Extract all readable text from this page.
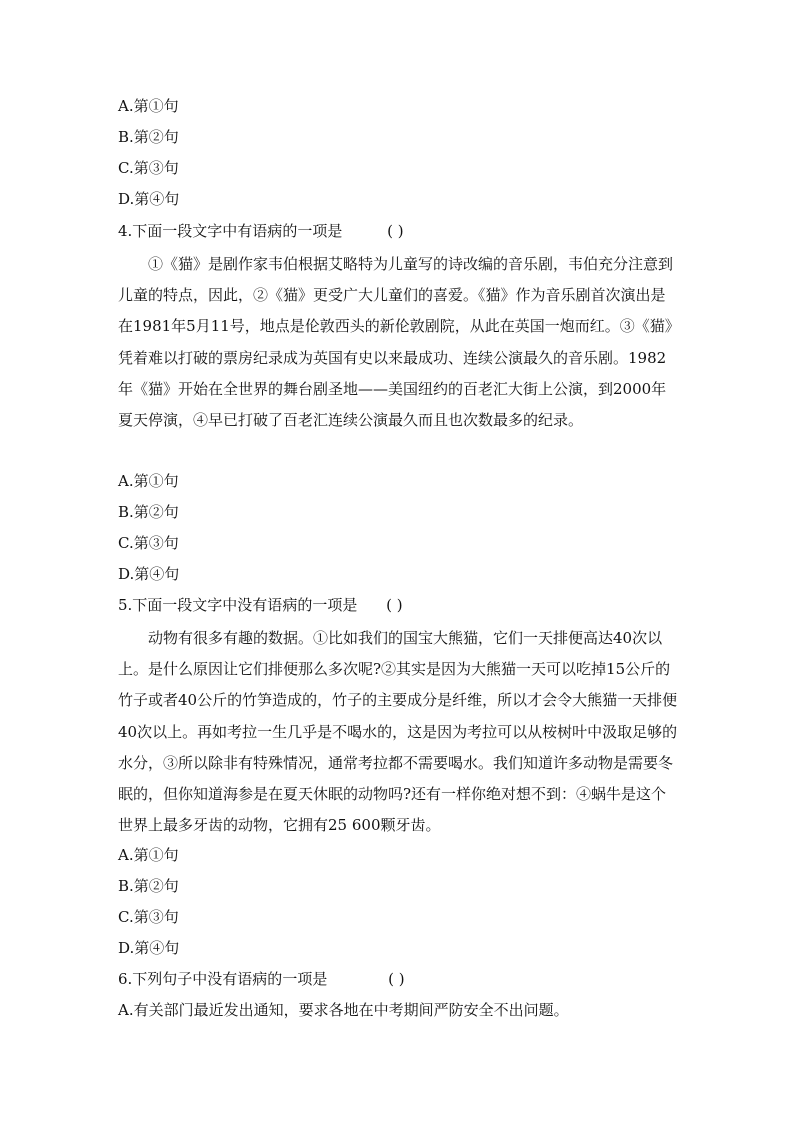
A.第①句
B.第②句
C.第③句
D.第④句
4.下面一段文字中有语病的一项是	( )

①《猫》是剧作家韦伯根据艾略特为儿童写的诗改编的音乐剧，韦伯充分注意到儿童的特点，因此，②《猫》更受广大儿童们的喜爱。《猫》作为音乐剧首次演出是在1981年5月11号，地点是伦敦西头的新伦敦剧院，从此在英国一炮而红。③《猫》凭着难以打破的票房纪录成为英国有史以来最成功、连续公演最久的音乐剧。1982年《猫》开始在全世界的舞台剧圣地——美国纽约的百老汇大街上公演，到2000年夏天停演，④早已打破了百老汇连续公演最久而且也次数最多的纪录。

A.第①句
B.第②句
C.第③句
D.第④句
5.下面一段文字中没有语病的一项是 ( )

动物有很多有趣的数据。①比如我们的国宝大熊猫，它们一天排便高达40次以上。是什么原因让它们排便那么多次呢?②其实是因为大熊猫一天可以吃掉15公斤的竹子或者40公斤的竹笋造成的，竹子的主要成分是纤维，所以才会令大熊猫一天排便40次以上。再如考拉一生几乎是不喝水的，这是因为考拉可以从桉树叶中汲取足够的水分，③所以除非有特殊情况，通常考拉都不需要喝水。我们知道许多动物是需要冬眠的，但你知道海参是在夏天休眠的动物吗?还有一样你绝对想不到：④蜗牛是这个世界上最多牙齿的动物，它拥有25 600颗牙齿。

A.第①句
B.第②句
C.第③句
D.第④句
6.下列句子中没有语病的一项是	( )
A.有关部门最近发出通知，要求各地在中考期间严防安全不出问题。
